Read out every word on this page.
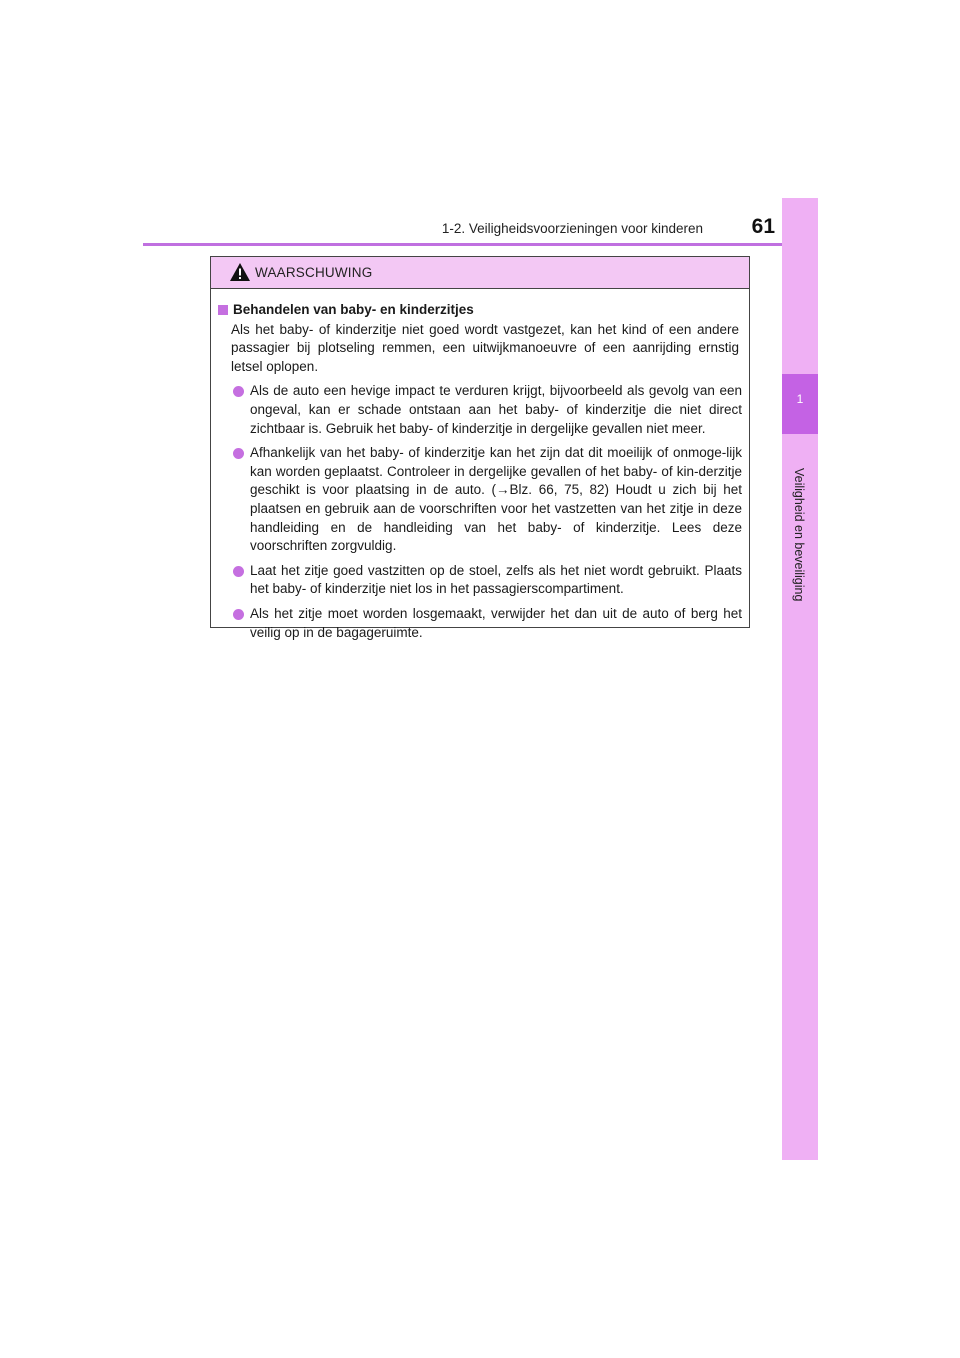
1-2. Veiligheidsvoorzieningen voor kinderen 61
1
Veiligheid en beveiliging
WAARSCHUWING
Behandelen van baby- en kinderzitjes

Als het baby- of kinderzitje niet goed wordt vastgezet, kan het kind of een andere passagier bij plotseling remmen, een uitwijkmanoeuvre of een aanrijding ernstig letsel oplopen.

Als de auto een hevige impact te verduren krijgt, bijvoorbeeld als gevolg van een ongeval, kan er schade ontstaan aan het baby- of kinderzitje die niet direct zichtbaar is. Gebruik het baby- of kinderzitje in dergelijke gevallen niet meer.
Afhankelijk van het baby- of kinderzitje kan het zijn dat dit moeilijk of onmoge-lijk kan worden geplaatst. Controleer in dergelijke gevallen of het baby- of kin-derzitje geschikt is voor plaatsing in de auto. (→Blz. 66, 75, 82) Houdt u zich bij het plaatsen en gebruik aan de voorschriften voor het vastzetten van het zitje in deze handleiding en de handleiding van het baby- of kinderzitje. Lees deze voorschriften zorgvuldig.
Laat het zitje goed vastzitten op de stoel, zelfs als het niet wordt gebruikt. Plaats het baby- of kinderzitje niet los in het passagierscompartiment.
Als het zitje moet worden losgemaakt, verwijder het dan uit de auto of berg het veilig op in de bagageruimte.
